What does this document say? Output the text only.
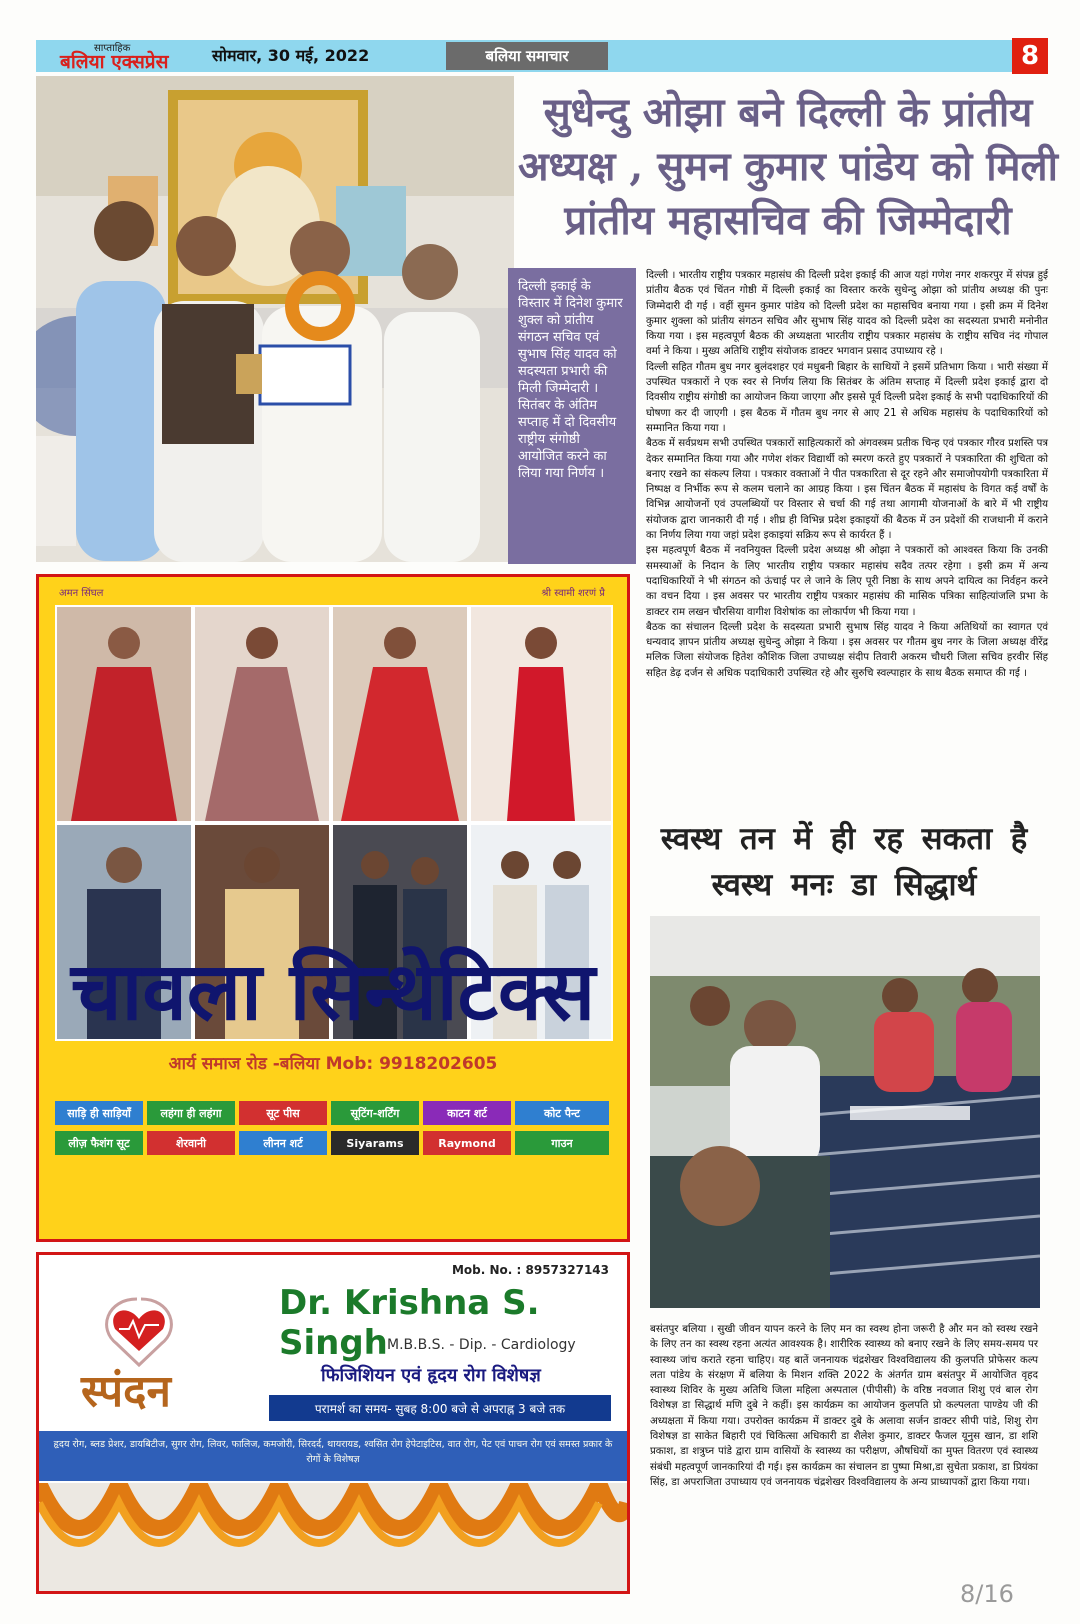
साप्ताहिक
बलिया एक्सप्रेस	सोमवार, 30 मई, 2022	बलिया समाचार	8
दिल्ली इकाई के विस्तार में दिनेश कुमार शुक्ल को प्रांतीय संगठन सचिव एवं सुभाष सिंह यादव को सदस्यता प्रभारी की मिली जिम्मेदारी । सितंबर के अंतिम सप्ताह में दो दिवसीय राष्ट्रीय संगोष्ठी आयोजित करने का लिया गया निर्णय ।
सुधेन्दु ओझा बने दिल्ली के प्रांतीय अध्यक्ष , सुमन कुमार पांडेय को मिली प्रांतीय महासचिव की जिम्मेदारी

दिल्ली । भारतीय राष्ट्रीय पत्रकार महासंघ की दिल्ली प्रदेश इकाई की आज यहां गणेश नगर शकरपुर में संपन्न हुई प्रांतीय बैठक एवं चिंतन गोष्ठी में दिल्ली इकाई का विस्तार करके सुधेन्दु ओझा को प्रांतीय अध्यक्ष की पुनः जिम्मेदारी दी गई । वहीं सुमन कुमार पांडेय को दिल्ली प्रदेश का महासचिव बनाया गया । इसी क्रम में दिनेश कुमार शुक्ला को प्रांतीय संगठन सचिव और सुभाष सिंह यादव को दिल्ली प्रदेश का सदस्यता प्रभारी मनोनीत किया गया । इस महत्वपूर्ण बैठक की अध्यक्षता भारतीय राष्ट्रीय पत्रकार महासंघ के राष्ट्रीय सचिव नंद गोपाल वर्मा ने किया । मुख्य अतिथि राष्ट्रीय संयोजक डाक्टर भगवान प्रसाद उपाध्याय रहे ।

दिल्ली सहित गौतम बुध नगर बुलंदशहर एवं मधुबनी बिहार के साथियों ने इसमें प्रतिभाग किया । भारी संख्या में उपस्थित पत्रकारों ने एक स्वर से निर्णय लिया कि सितंबर के अंतिम सप्ताह में दिल्ली प्रदेश इकाई द्वारा दो दिवसीय राष्ट्रीय संगोष्ठी का आयोजन किया जाएगा और इससे पूर्व दिल्ली प्रदेश इकाई के सभी पदाधिकारियों की घोषणा कर दी जाएगी । इस बैठक में गौतम बुध नगर से आए 21 से अधिक महासंघ के पदाधिकारियों को सम्मानित किया गया ।

बैठक में सर्वप्रथम सभी उपस्थित पत्रकारों साहित्यकारों को अंगवस्त्रम प्रतीक चिन्ह एवं पत्रकार गौरव प्रशस्ति पत्र देकर सम्मानित किया गया और गणेश शंकर विद्यार्थी को स्मरण करते हुए पत्रकारों ने पत्रकारिता की शुचिता को बनाए रखने का संकल्प लिया । पत्रकार वक्ताओं ने पीत पत्रकारिता से दूर रहने और समाजोपयोगी पत्रकारिता में निष्पक्ष व निर्भीक रूप से कलम चलाने का आग्रह किया । इस चिंतन बैठक में महासंघ के विगत कई वर्षों के विभिन्न आयोजनों एवं उपलब्धियों पर विस्तार से चर्चा की गई तथा आगामी योजनाओं के बारे में भी राष्ट्रीय संयोजक द्वारा जानकारी दी गई । शीघ्र ही विभिन्न प्रदेश इकाइयों की बैठक में उन प्रदेशों की राजधानी में कराने का निर्णय लिया गया जहां प्रदेश इकाइयां सक्रिय रूप से कार्यरत हैं ।

इस महत्वपूर्ण बैठक में नवनियुक्त दिल्ली प्रदेश अध्यक्ष श्री ओझा ने पत्रकारों को आश्वस्त किया कि उनकी समस्याओं के निदान के लिए भारतीय राष्ट्रीय पत्रकार महासंघ सदैव तत्पर रहेगा । इसी क्रम में अन्य पदाधिकारियों ने भी संगठन को ऊंचाई पर ले जाने के लिए पूरी निष्ठा के साथ अपने दायित्व का निर्वहन करने का वचन दिया । इस अवसर पर भारतीय राष्ट्रीय पत्रकार महासंघ की मासिक पत्रिका साहित्यांजलि प्रभा के डाक्टर राम लखन चौरसिया वागीश विशेषांक का लोकार्पण भी किया गया ।

बैठक का संचालन दिल्ली प्रदेश के सदस्यता प्रभारी सुभाष सिंह यादव ने किया अतिथियों का स्वागत एवं धन्यवाद ज्ञापन प्रांतीय अध्यक्ष सुधेन्दु ओझा ने किया । इस अवसर पर गौतम बुध नगर के जिला अध्यक्ष वीरेंद्र मलिक जिला संयोजक हितेश कौशिक जिला उपाध्यक्ष संदीप तिवारी अकरम चौधरी जिला सचिव हरवीर सिंह सहित डेढ़ दर्जन से अधिक पदाधिकारी उपस्थित रहे और सुरुचि स्वल्पाहार के साथ बैठक समाप्त की गई ।

अमन सिंघल	श्री स्वामी शरणं प्रै
चावला सिन्थेटिक्स
आर्य समाज रोड -बलिया Mob: 9918202605
साड़ि ही साड़ियाँ	लहंगा ही लहंगा	सूट पीस	सूटिंग-शर्टिंग	काटन शर्ट	कोट पैन्ट
लीज़ फैशंग सूट	शेरवानी	लीनन शर्ट	Siyarams	Raymond	गाउन
Mob. No. : 8957327143
स्पंदन
Dr. Krishna S. Singh M.B.B.S. - Dip. - Cardiology
फिजिशियन एवं हृदय रोग विशेषज्ञ
परामर्श का समय- सुबह 8:00 बजे से अपराह्न 3 बजे तक
हृदय रोग, ब्लड प्रेशर, डायबिटीज, सुगर रोग, लिवर, फालिज, कमजोरी, सिरदर्द, थायरायड, श्वसित रोग हेपेटाइटिस, वात रोग, पेट एवं पाचन रोग एवं समस्त प्रकार के रोगों के विशेषज्ञ
स्वस्थ तन में ही रह सकता है स्वस्थ मनः डा सिद्धार्थ
बसंतपुर बलिया । सुखी जीवन यापन करने के लिए मन का स्वस्थ होना जरूरी है और मन को स्वस्थ रखने के लिए तन का स्वस्थ रहना अत्यंत आवश्यक है। शारीरिक स्वास्थ्य को बनाए रखने के लिए समय-समय पर स्वास्थ्य जांच कराते रहना चाहिए। यह बातें जननायक चंद्रशेखर विश्वविद्यालय की कुलपति प्रोफेसर कल्प लता पांडेय के संरक्षण में बलिया के मिशन शक्ति 2022 के अंतर्गत ग्राम बसंतपुर में आयोजित वृहद स्वास्थ्य शिविर के मुख्य अतिथि जिला महिला अस्पताल (पीपीसी) के वरिष्ठ नवजात शिशु एवं बाल रोग विशेषज्ञ डा सिद्धार्थ मणि दुबे ने कहीं। इस कार्यक्रम का आयोजन कुलपति प्रो कल्पलता पाण्डेय जी की अध्यक्षता में किया गया। उपरोक्त कार्यक्रम में डाक्टर दुबे के अलावा सर्जन डाक्टर सीपी पांडे, शिशु रोग विशेषज्ञ डा साकेत बिहारी एवं चिकित्सा अधिकारी डा शैलेश कुमार, डाक्टर फैजल यूनुस खान, डा शशि प्रकाश, डा शत्रुघ्न पांडे द्वारा ग्राम वासियों के स्वास्थ्य का परीक्षण, औषधियों का मुफ्त वितरण एवं स्वास्थ्य संबंधी महत्वपूर्ण जानकारियां दी गई। इस कार्यक्रम का संचालन डा पुष्पा मिश्रा,डा सुचेता प्रकाश, डा प्रियंका सिंह, डा अपराजिता उपाध्याय एवं जननायक चंद्रशेखर विश्वविद्यालय के अन्य प्राध्यापकों द्वारा किया गया।
8/16
